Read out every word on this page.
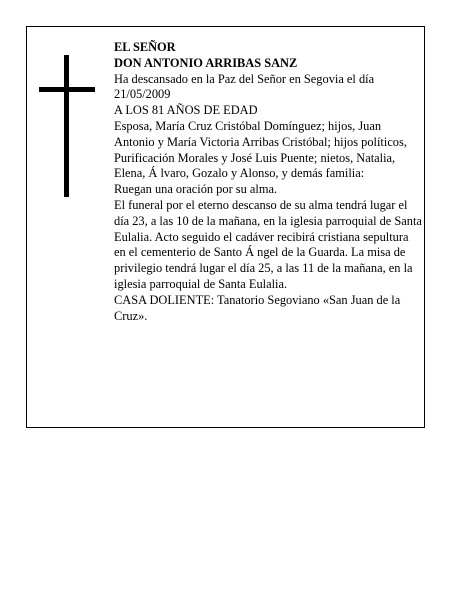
EL SEÑOR

DON ANTONIO ARRIBAS SANZ

Ha descansado en la Paz del Señor en Segovia el día 21/05/2009

A LOS 81 AÑOS DE EDAD

Esposa, María Cruz Cristóbal Domínguez; hijos, Juan Antonio y María Victoria Arribas Cristóbal; hijos políticos, Purificación Morales y José Luis Puente; nietos, Natalia, Elena, Á lvaro, Gozalo y Alonso, y demás familia:

Ruegan una oración por su alma.

El funeral por el eterno descanso de su alma tendrá lugar el día 23, a las 10 de la mañana, en la iglesia parroquial de Santa Eulalia. Acto seguido el cadáver recibirá cristiana sepultura en el cementerio de Santo Á ngel de la Guarda. La misa de privilegio tendrá lugar el día 25, a las 11 de la mañana, en la iglesia parroquial de Santa Eulalia.

CASA DOLIENTE: Tanatorio Segoviano «San Juan de la Cruz».
